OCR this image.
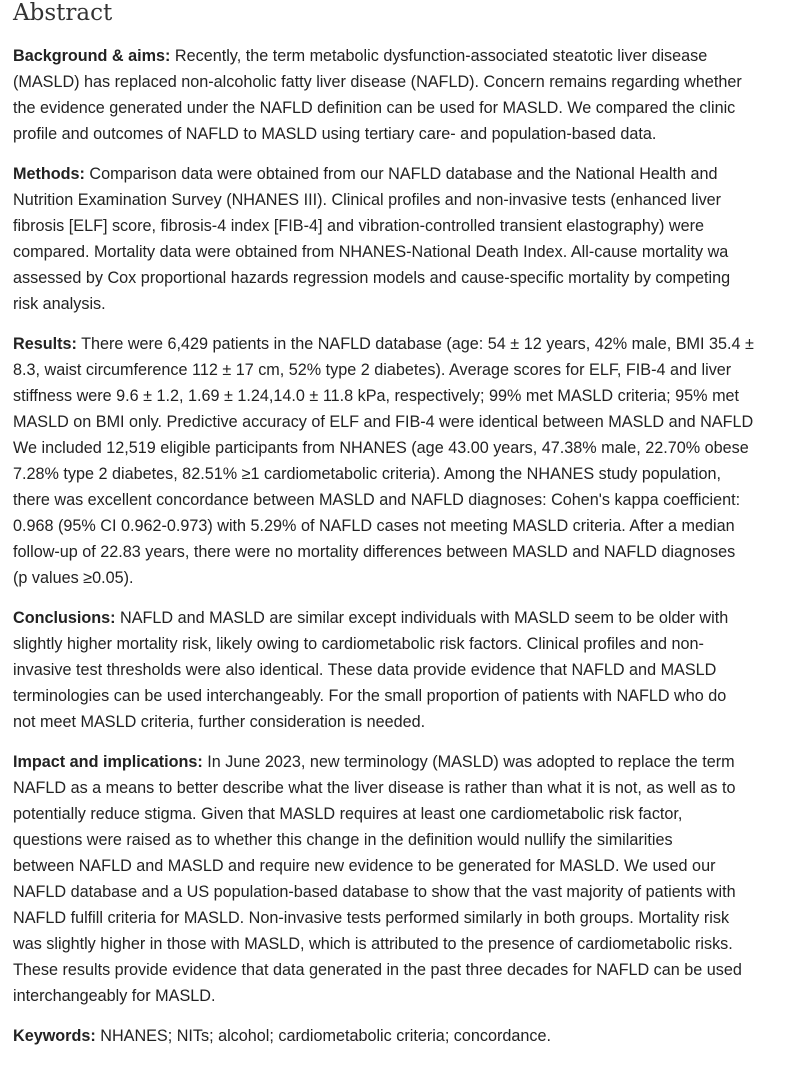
Abstract

Background & aims: Recently, the term metabolic dysfunction-associated steatotic liver disease
(MASLD) has replaced non-alcoholic fatty liver disease (NAFLD). Concern remains regarding whether
the evidence generated under the NAFLD definition can be used for MASLD. We compared the clinic
profile and outcomes of NAFLD to MASLD using tertiary care- and population-based data.

Methods: Comparison data were obtained from our NAFLD database and the National Health and
Nutrition Examination Survey (NHANES III). Clinical profiles and non-invasive tests (enhanced liver
fibrosis [ELF] score, fibrosis-4 index [FIB-4] and vibration-controlled transient elastography) were
compared. Mortality data were obtained from NHANES-National Death Index. All-cause mortality wa
assessed by Cox proportional hazards regression models and cause-specific mortality by competing
risk analysis.

Results: There were 6,429 patients in the NAFLD database (age: 54 ± 12 years, 42% male, BMI 35.4 ±
8.3, waist circumference 112 ± 17 cm, 52% type 2 diabetes). Average scores for ELF, FIB-4 and liver
stiffness were 9.6 ± 1.2, 1.69 ± 1.24,14.0 ± 11.8 kPa, respectively; 99% met MASLD criteria; 95% met
MASLD on BMI only. Predictive accuracy of ELF and FIB-4 were identical between MASLD and NAFLD
We included 12,519 eligible participants from NHANES (age 43.00 years, 47.38% male, 22.70% obese
7.28% type 2 diabetes, 82.51% ≥1 cardiometabolic criteria). Among the NHANES study population,
there was excellent concordance between MASLD and NAFLD diagnoses: Cohen's kappa coefficient:
0.968 (95% CI 0.962-0.973) with 5.29% of NAFLD cases not meeting MASLD criteria. After a median
follow-up of 22.83 years, there were no mortality differences between MASLD and NAFLD diagnoses
(p values ≥0.05).

Conclusions: NAFLD and MASLD are similar except individuals with MASLD seem to be older with
slightly higher mortality risk, likely owing to cardiometabolic risk factors. Clinical profiles and non-
invasive test thresholds were also identical. These data provide evidence that NAFLD and MASLD
terminologies can be used interchangeably. For the small proportion of patients with NAFLD who do
not meet MASLD criteria, further consideration is needed.

Impact and implications: In June 2023, new terminology (MASLD) was adopted to replace the term
NAFLD as a means to better describe what the liver disease is rather than what it is not, as well as to
potentially reduce stigma. Given that MASLD requires at least one cardiometabolic risk factor,
questions were raised as to whether this change in the definition would nullify the similarities
between NAFLD and MASLD and require new evidence to be generated for MASLD. We used our
NAFLD database and a US population-based database to show that the vast majority of patients with
NAFLD fulfill criteria for MASLD. Non-invasive tests performed similarly in both groups. Mortality risk
was slightly higher in those with MASLD, which is attributed to the presence of cardiometabolic risks.
These results provide evidence that data generated in the past three decades for NAFLD can be used
interchangeably for MASLD.

Keywords: NHANES; NITs; alcohol; cardiometabolic criteria; concordance.
